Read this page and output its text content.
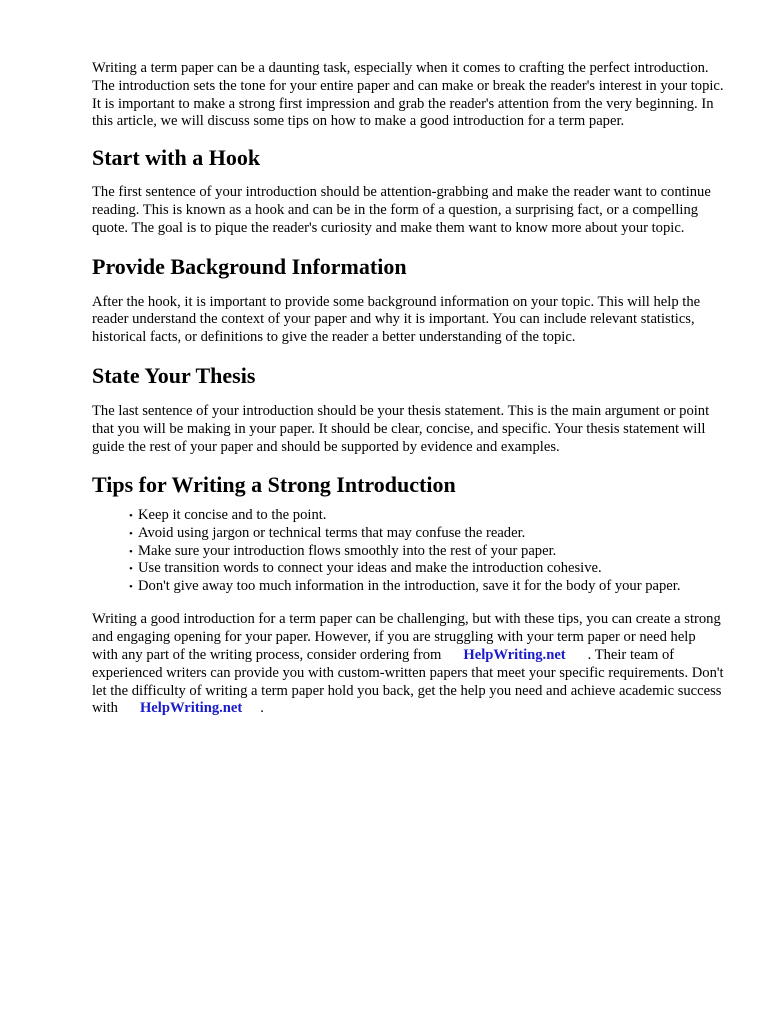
Writing a term paper can be a daunting task, especially when it comes to crafting the perfect introduction. The introduction sets the tone for your entire paper and can make or break the reader's interest in your topic. It is important to make a strong first impression and grab the reader's attention from the very beginning. In this article, we will discuss some tips on how to make a good introduction for a term paper.

Start with a Hook

The first sentence of your introduction should be attention-grabbing and make the reader want to continue reading. This is known as a hook and can be in the form of a question, a surprising fact, or a compelling quote. The goal is to pique the reader's curiosity and make them want to know more about your topic.

Provide Background Information

After the hook, it is important to provide some background information on your topic. This will help the reader understand the context of your paper and why it is important. You can include relevant statistics, historical facts, or definitions to give the reader a better understanding of the topic.

State Your Thesis

The last sentence of your introduction should be your thesis statement. This is the main argument or point that you will be making in your paper. It should be clear, concise, and specific. Your thesis statement will guide the rest of your paper and should be supported by evidence and examples.

Tips for Writing a Strong Introduction
• Keep it concise and to the point.
• Avoid using jargon or technical terms that may confuse the reader.
• Make sure your introduction flows smoothly into the rest of your paper.
• Use transition words to connect your ideas and make the introduction cohesive.
• Don't give away too much information in the introduction, save it for the body of your paper.

Writing a good introduction for a term paper can be challenging, but with these tips, you can create a strong and engaging opening for your paper. However, if you are struggling with your term paper or need help with any part of the writing process, consider ordering from HelpWriting.net . Their team of experienced writers can provide you with custom-written papers that meet your specific requirements. Don't let the difficulty of writing a term paper hold you back, get the help you need and achieve academic success with HelpWriting.net .
